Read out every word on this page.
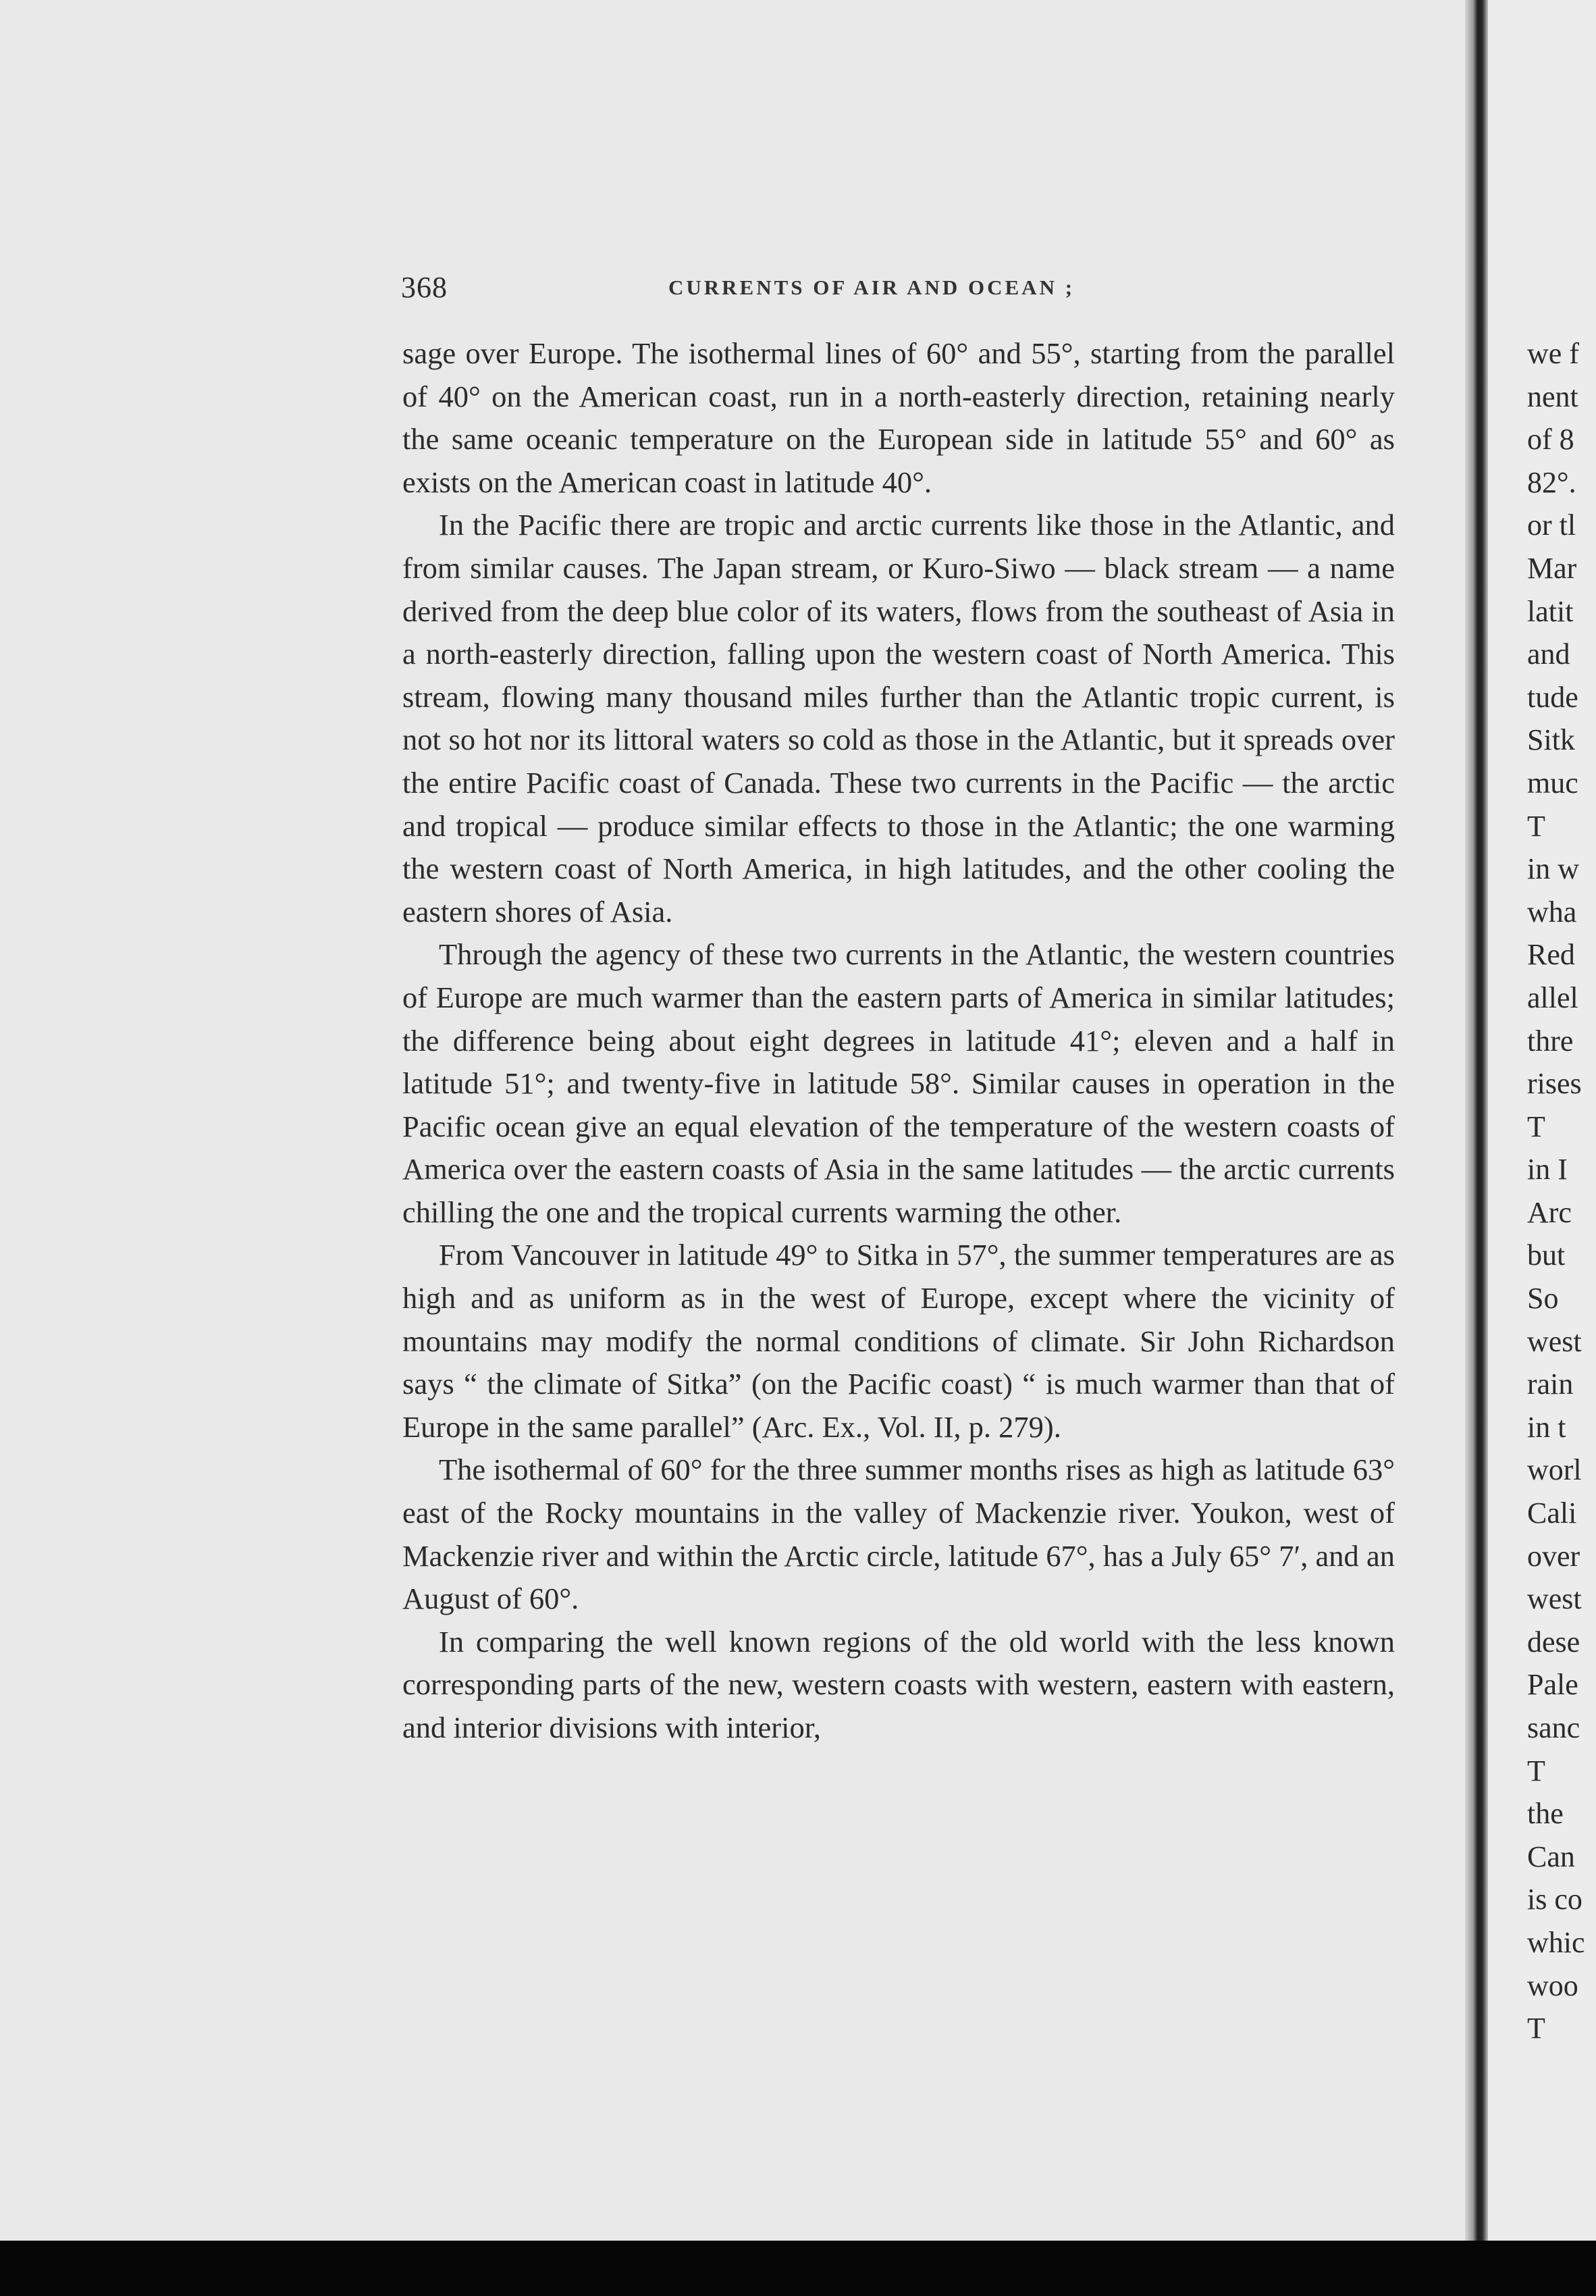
368	CURRENTS OF AIR AND OCEAN ;

sage over Europe. The isothermal lines of 60° and 55°, starting from the parallel of 40° on the American coast, run in a north-easterly direction, retaining nearly the same oceanic temperature on the European side in latitude 55° and 60° as exists on the American coast in latitude 40°.

In the Pacific there are tropic and arctic currents like those in the Atlantic, and from similar causes. The Japan stream, or Kuro-Siwo — black stream — a name derived from the deep blue color of its waters, flows from the southeast of Asia in a north-easterly direction, falling upon the western coast of North America. This stream, flowing many thousand miles further than the Atlantic tropic current, is not so hot nor its littoral waters so cold as those in the Atlantic, but it spreads over the entire Pacific coast of Canada. These two currents in the Pacific — the arctic and tropical — produce similar effects to those in the Atlantic; the one warming the western coast of North America, in high latitudes, and the other cooling the eastern shores of Asia.

Through the agency of these two currents in the Atlantic, the western countries of Europe are much warmer than the eastern parts of America in similar latitudes; the difference being about eight degrees in latitude 41°; eleven and a half in latitude 51°; and twenty-five in latitude 58°. Similar causes in operation in the Pacific ocean give an equal elevation of the temperature of the western coasts of America over the eastern coasts of Asia in the same latitudes — the arctic currents chilling the one and the tropical currents warming the other.

From Vancouver in latitude 49° to Sitka in 57°, the summer temperatures are as high and as uniform as in the west of Europe, except where the vicinity of mountains may modify the normal conditions of climate. Sir John Richardson says “ the climate of Sitka” (on the Pacific coast) “ is much warmer than that of Europe in the same parallel” (Arc. Ex., Vol. II, p. 279).

The isothermal of 60° for the three summer months rises as high as latitude 63° east of the Rocky mountains in the valley of Mackenzie river. Youkon, west of Mackenzie river and within the Arctic circle, latitude 67°, has a July 65° 7′, and an August of 60°.

In comparing the well known regions of the old world with the less known corresponding parts of the new, western coasts with western, eastern with eastern, and interior divisions with interior,

we f
nent
of 8
82°.
or tl
Mar
latit
and
tude
Sitk
muc
T
in w
wha
Red
allel
thre
rises
T
in I
Arc
but
So
west
rain
in t
worl
Cali
over
west
dese
Pale
sanc
T
the
Can
is co
whic
woo
T
